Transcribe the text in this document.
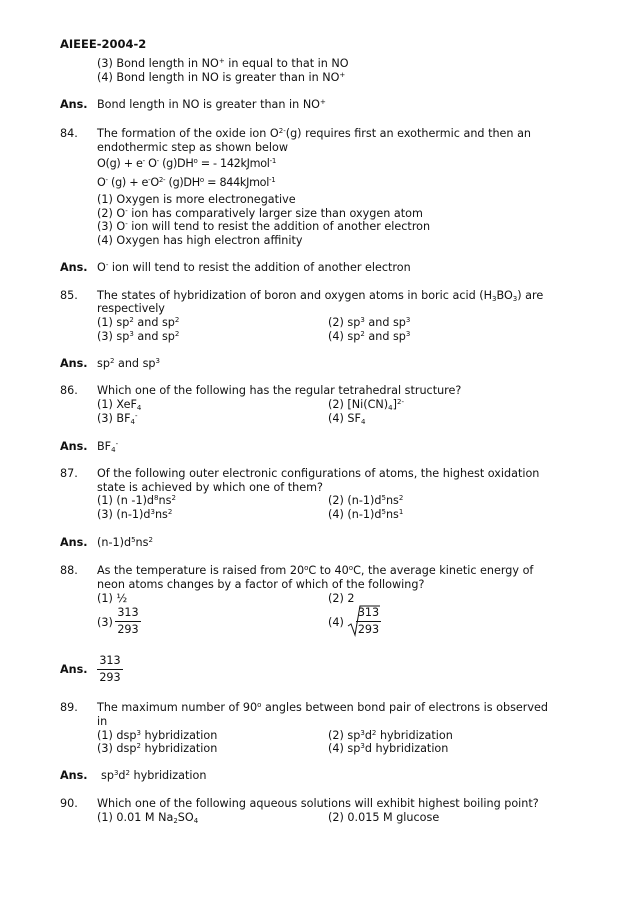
AIEEE-2004-2
(3) Bond length in NO+ in equal to that in NO
(4) Bond length in NO is greater than in NO+
Ans. Bond length in NO is greater than in NO+
84. The formation of the oxide ion $O^{2-}(g)$ requires first an exothermic and then an
endothermic step as shown below
O(g) + e- O- $(g)DH^o$ = - 142kJmol$^{-1}$
O- $(g) + e^-O^{2-}$ $(g)DH^o$ = 844kJmol$^{-1}$
(1) Oxygen is more electronegative
(2) O- ion has comparatively larger size than oxygen atom
(3) O- ion will tend to resist the addition of another electron
(4) Oxygen has high electron affinity
Ans. O- ion will tend to resist the addition of another electron
85. The states of hybridization of boron and oxygen atoms in boric acid $(H_3BO_3)$ are
respectively
(1) $sp^2$ and $sp^2$	(2) $sp^3$ and $sp^3$
(3) $sp^3$ and $sp^2$	(4) $sp^2$ and $sp^3$
Ans. $sp^2$ and $sp^3$
86. Which one of the following has the regular tetrahedral structure?
(1) XeF$_4$	(2) $[Ni(CN)_4]^{2-}$
(3) $BF_4^-$	(4) $SF_4$
Ans. $BF_4^-$
87. Of the following outer electronic configurations of atoms, the highest oxidation
state is achieved by which one of them?
(1) (n $-1)d^8ns^2$	(2) $(n-1)d^5ns^2$
(3) $(n-1)d^3ns^2$	(4) $(n-1)d^5ns^1$
Ans. $(n-1)d^5ns^2$
88. As the temperature is raised from 20$^o$C to 40$^o$C, the average kinetic energy of
neon atoms changes by a factor of which of the following?
(1) ½	(2) 2
(3)
313
293
(4)
313
293
Ans.
313
293
89. The maximum number of 90$^o$ angles between bond pair of electrons is observed
in
(1) dsp$^3$ hybridization	(2) $sp^3d^2$ hybridization
(3) dsp$^2$ hybridization	(4) $sp^3d$ hybridization
Ans. $sp^3d^2$ hybridization
90. Which one of the following aqueous solutions will exhibit highest boiling point?
(1) 0.01 M $Na_2SO_4$	(2) 0.015 M glucose
